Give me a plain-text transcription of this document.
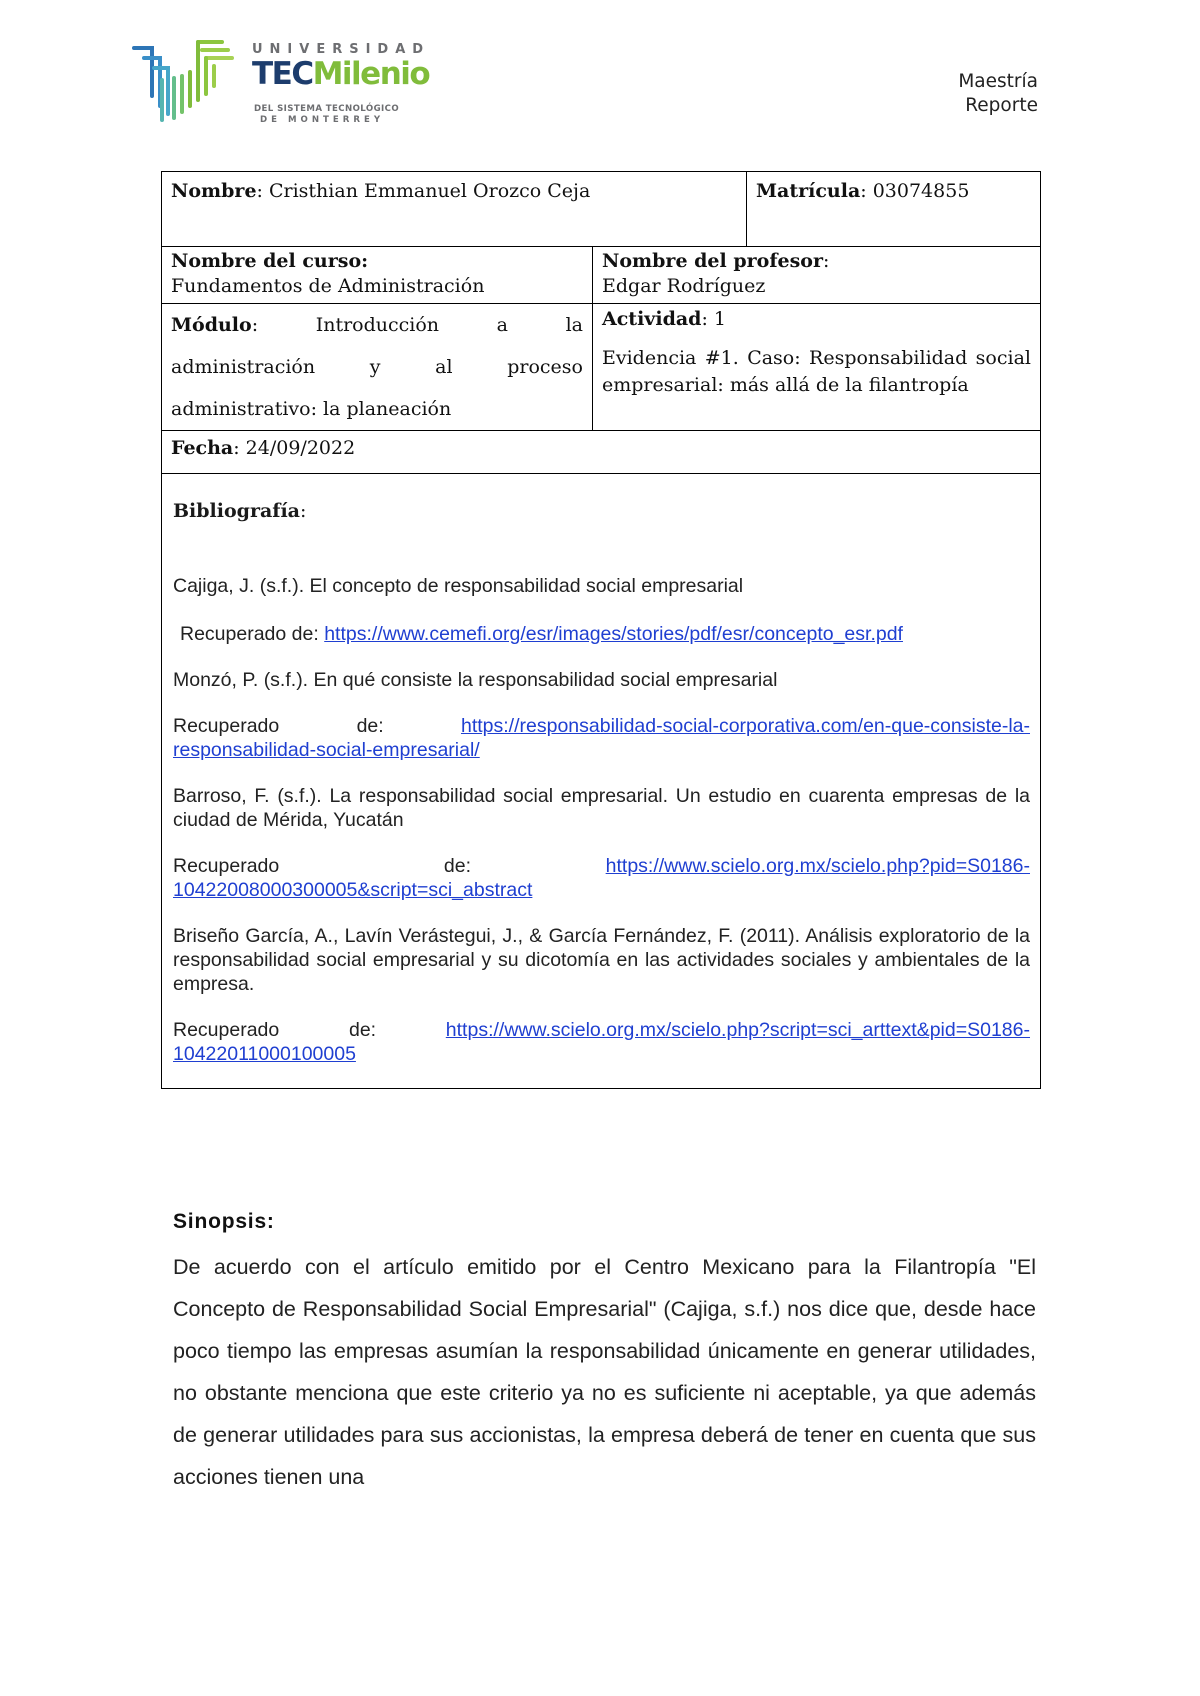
UNIVERSIDAD
TECMilenio
DEL SISTEMA TECNOLÓGICO
DE MONTERREY
Maestría
Reporte
Nombre: Cristhian Emmanuel Orozco Ceja	Matrícula: 03074855
Nombre del curso:
Fundamentos de Administración
Nombre del profesor:
Edgar Rodríguez
Módulo: Introducción a la
administración y al proceso
administrativo: la planeación
Actividad: 1
Evidencia #1. Caso: Responsabilidad social empresarial: más allá de la filantropía
Fecha: 24/09/2022
Bibliografía:
Cajiga, J. (s.f.). El concepto de responsabilidad social empresarial
Recuperado de: https://www.cemefi.org/esr/images/stories/pdf/esr/concepto_esr.pdf
Monzó, P. (s.f.). En qué consiste la responsabilidad social empresarial
Recuperado	de:	https://responsabilidad-social-corporativa.com/en-que-consiste-la-
responsabilidad-social-empresarial/
Barroso, F. (s.f.). La responsabilidad social empresarial. Un estudio en cuarenta empresas de la ciudad de Mérida, Yucatán
Recuperado	de:	https://www.scielo.org.mx/scielo.php?pid=S0186-
10422008000300005&script=sci_abstract
Briseño García, A., Lavín Verástegui, J., & García Fernández, F. (2011). Análisis exploratorio de la responsabilidad social empresarial y su dicotomía en las actividades sociales y ambientales de la empresa.
Recuperado	de:	https://www.scielo.org.mx/scielo.php?script=sci_arttext&pid=S0186-
10422011000100005
Sinopsis:
De acuerdo con el artículo emitido por el Centro Mexicano para la Filantropía "El Concepto de Responsabilidad Social Empresarial" (Cajiga, s.f.) nos dice que, desde hace poco tiempo las empresas asumían la responsabilidad únicamente en generar utilidades, no obstante menciona que este criterio ya no es suficiente ni aceptable, ya que además de generar utilidades para sus accionistas, la empresa deberá de tener en cuenta que sus acciones tienen una
